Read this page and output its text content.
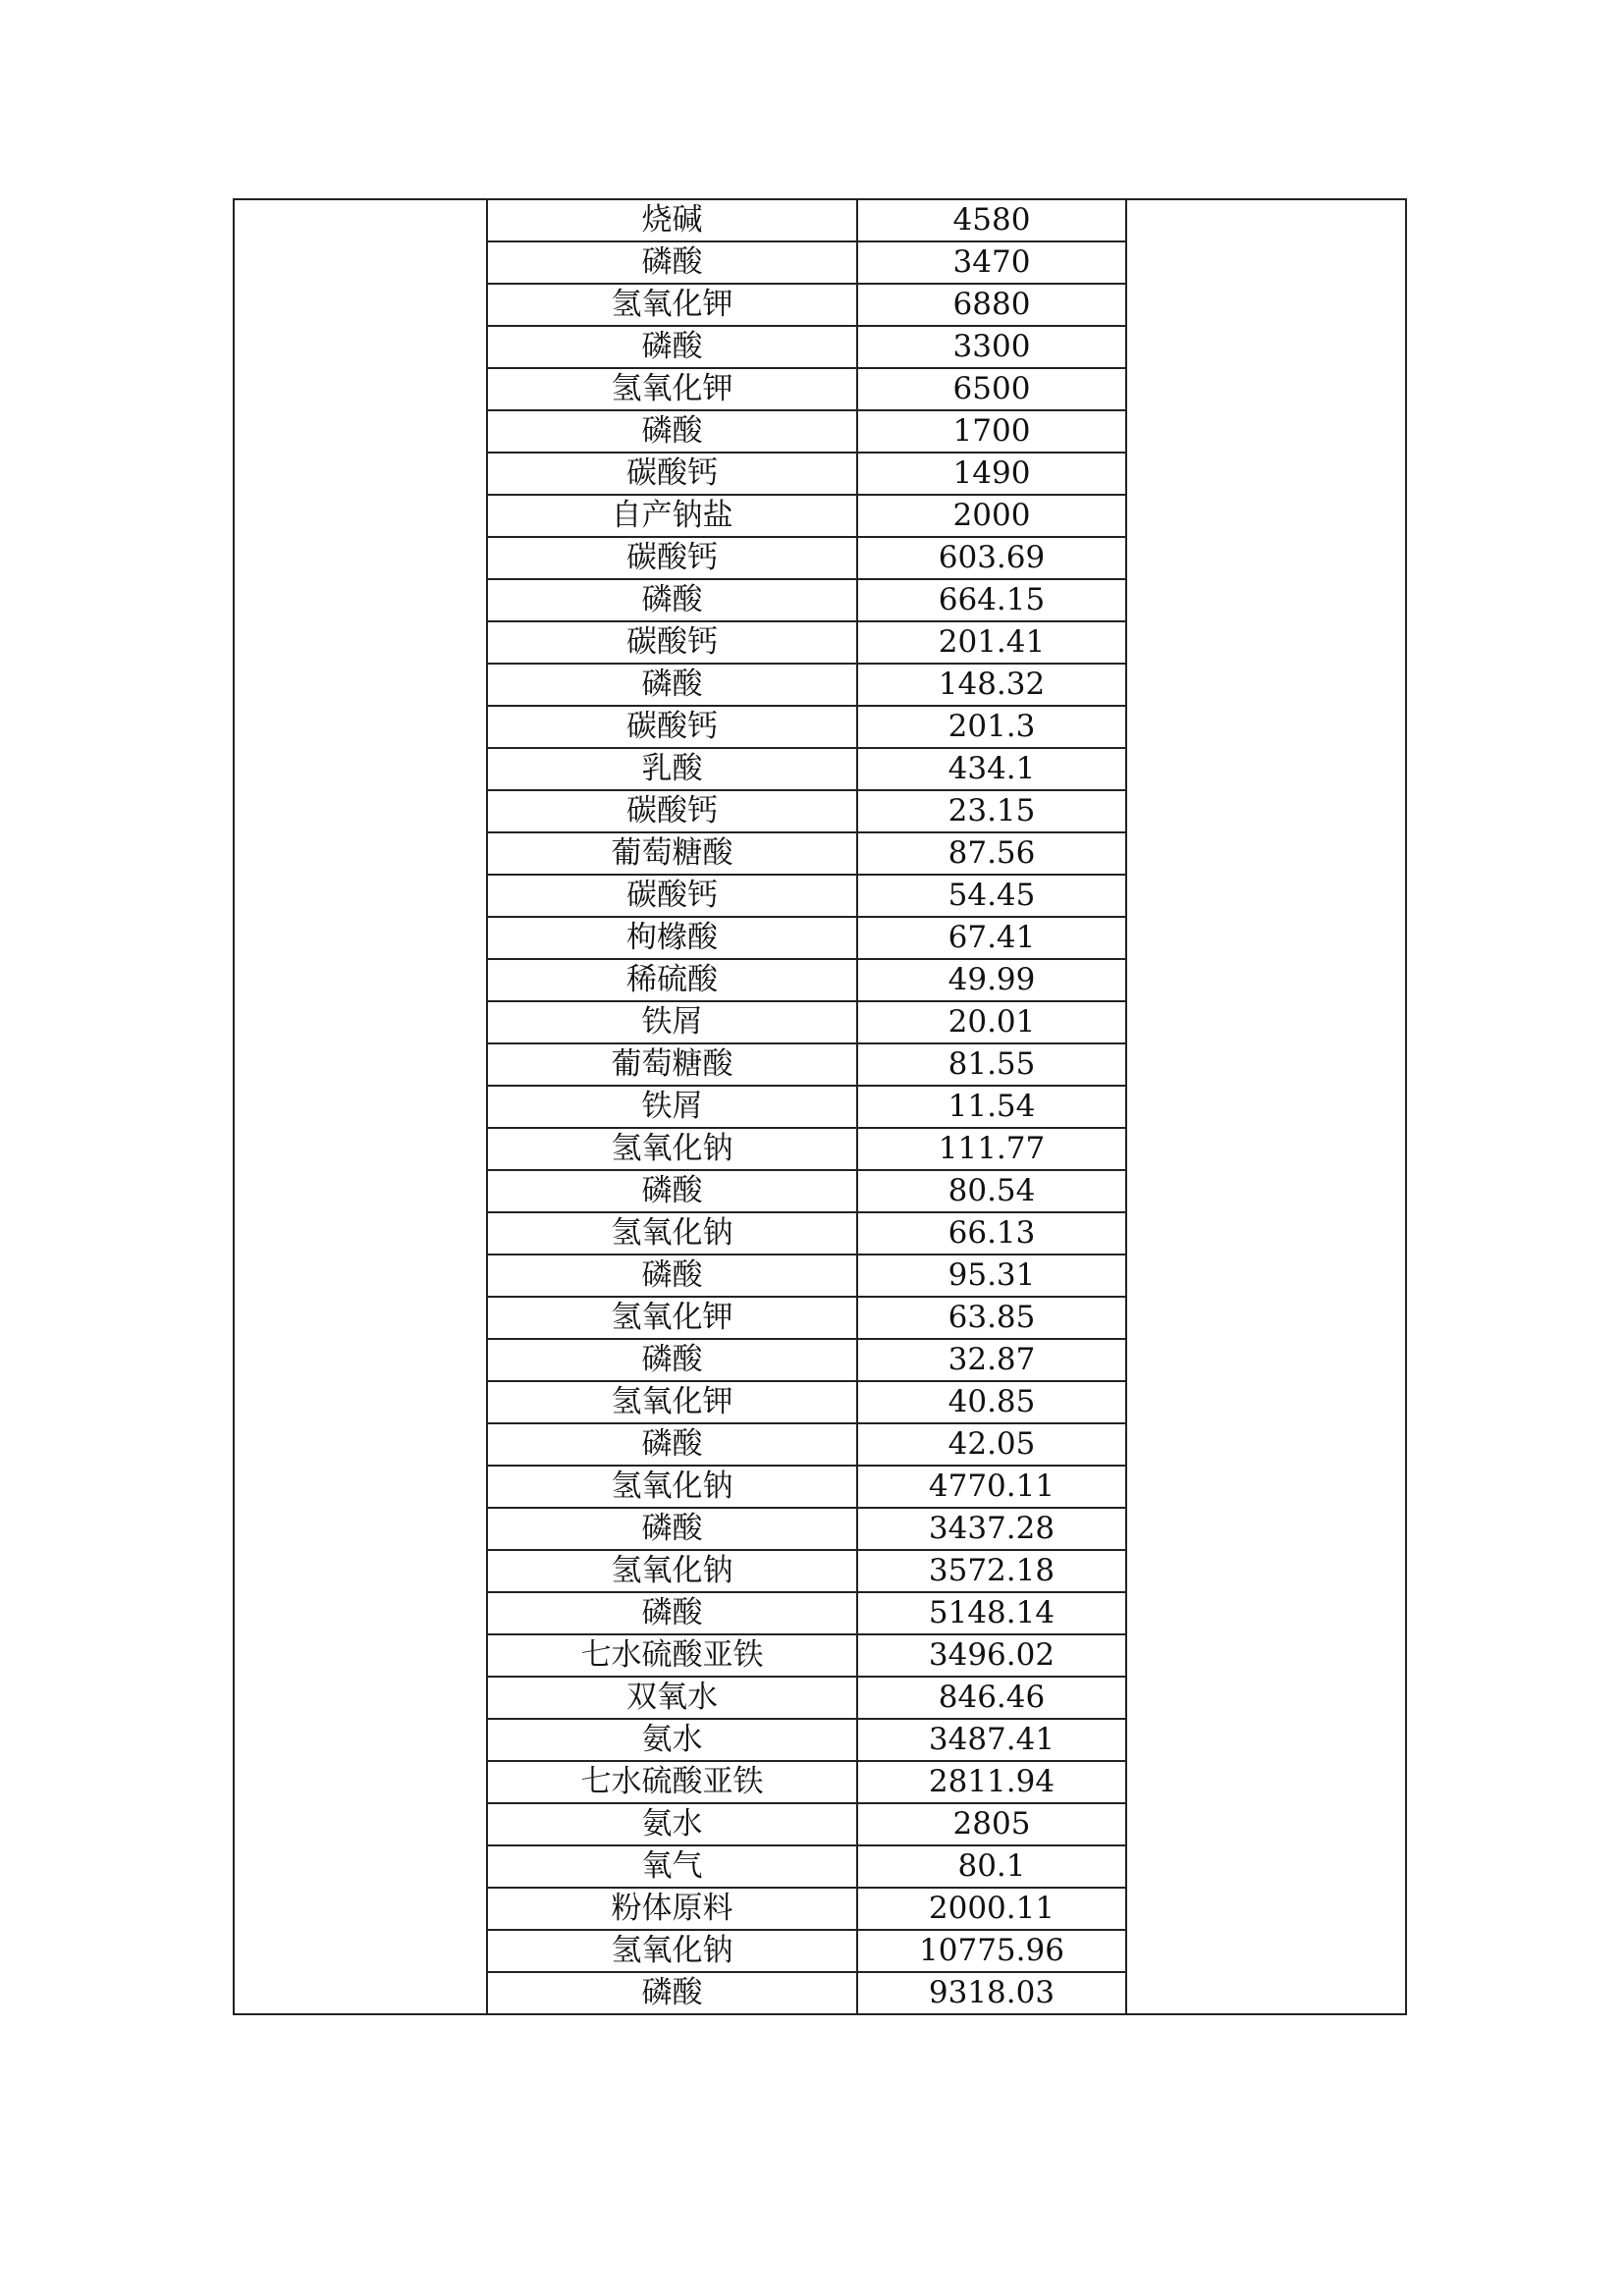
	烧碱	4580	
	磷酸	3470	
	氢氧化钾	6880	
	磷酸	3300	
	氢氧化钾	6500	
	磷酸	1700	
	碳酸钙	1490	
	自产钠盐	2000	
	碳酸钙	603.69	
	磷酸	664.15	
	碳酸钙	201.41	
	磷酸	148.32	
	碳酸钙	201.3	
	乳酸	434.1	
	碳酸钙	23.15	
	葡萄糖酸	87.56	
	碳酸钙	54.45	
	枸橼酸	67.41	
	稀硫酸	49.99	
	铁屑	20.01	
	葡萄糖酸	81.55	
	铁屑	11.54	
	氢氧化钠	111.77	
	磷酸	80.54	
	氢氧化钠	66.13	
	磷酸	95.31	
	氢氧化钾	63.85	
	磷酸	32.87	
	氢氧化钾	40.85	
	磷酸	42.05	
	氢氧化钠	4770.11	
	磷酸	3437.28	
	氢氧化钠	3572.18	
	磷酸	5148.14	
	七水硫酸亚铁	3496.02	
	双氧水	846.46	
	氨水	3487.41	
	七水硫酸亚铁	2811.94	
	氨水	2805	
	氧气	80.1	
	粉体原料	2000.11	
	氢氧化钠	10775.96	
	磷酸	9318.03	
